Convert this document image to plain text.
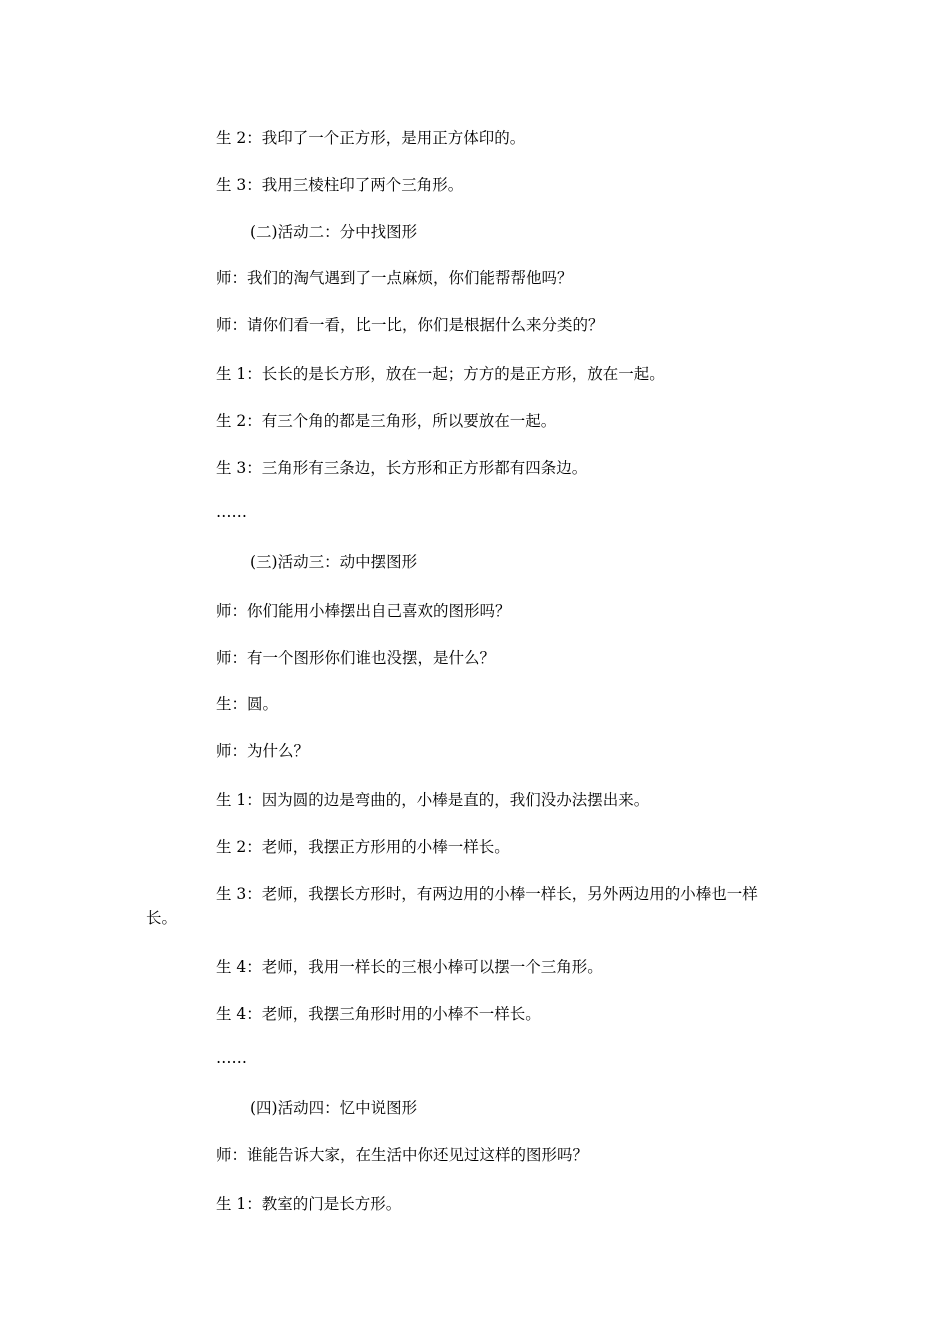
生 2：我印了一个正方形，是用正方体印的。
生 3：我用三棱柱印了两个三角形。
(二)活动二：分中找图形
师：我们的淘气遇到了一点麻烦，你们能帮帮他吗？
师：请你们看一看，比一比，你们是根据什么来分类的？
生 1：长长的是长方形，放在一起；方方的是正方形，放在一起。
生 2：有三个角的都是三角形，所以要放在一起。
生 3：三角形有三条边，长方形和正方形都有四条边。
……
(三)活动三：动中摆图形
师：你们能用小棒摆出自己喜欢的图形吗？
师：有一个图形你们谁也没摆，是什么？
生：圆。
师：为什么？
生 1：因为圆的边是弯曲的，小棒是直的，我们没办法摆出来。
生 2：老师，我摆正方形用的小棒一样长。
生 3：老师，我摆长方形时，有两边用的小棒一样长，另外两边用的小棒也一样
长。
生 4：老师，我用一样长的三根小棒可以摆一个三角形。
生 4：老师，我摆三角形时用的小棒不一样长。
……
(四)活动四：忆中说图形
师：谁能告诉大家，在生活中你还见过这样的图形吗？
生 1：教室的门是长方形。
